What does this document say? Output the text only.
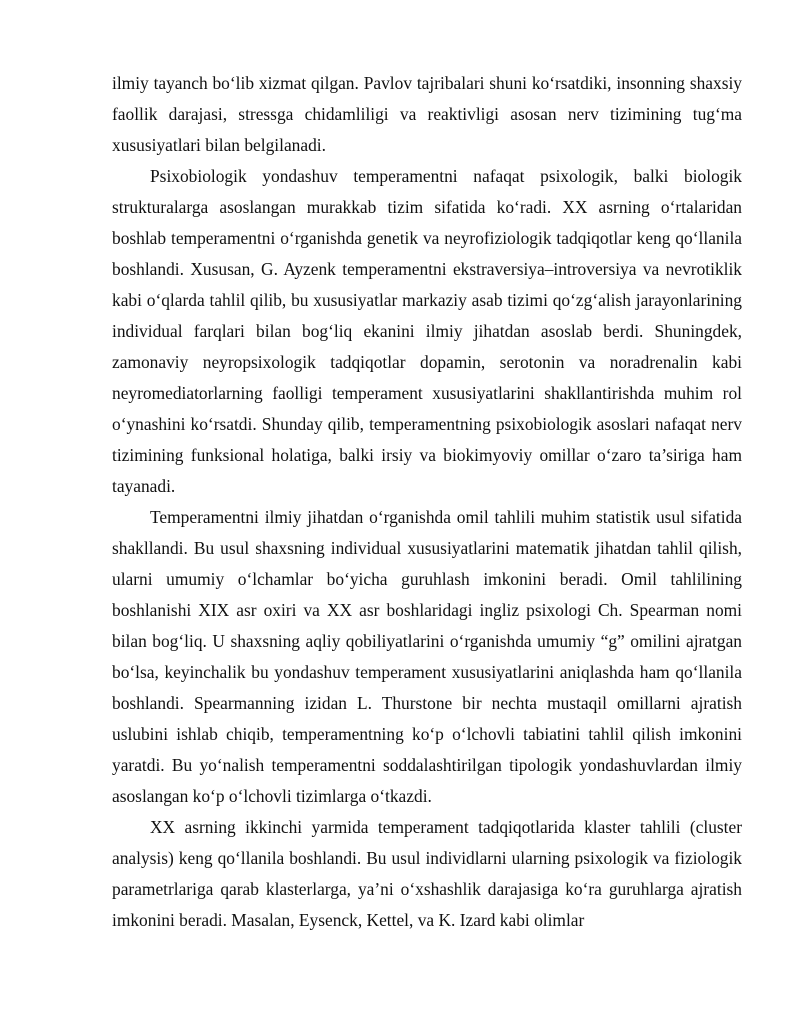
ilmiy tayanch bo‘lib xizmat qilgan. Pavlov tajribalari shuni ko‘rsatdiki, insonning shaxsiy faollik darajasi, stressga chidamliligi va reaktivligi asosan nerv tizimining tug‘ma xususiyatlari bilan belgilanadi.

Psixobiologik yondashuv temperamentni nafaqat psixologik, balki biologik strukturalarga asoslangan murakkab tizim sifatida ko‘radi. XX asrning o‘rtalaridan boshlab temperamentni o‘rganishda genetik va neyrofiziologik tadqiqotlar keng qo‘llanila boshlandi. Xususan, G. Ayzenk temperamentni ekstraversiya–introversiya va nevrotiklik kabi o‘qlarda tahlil qilib, bu xususiyatlar markaziy asab tizimi qo‘zg‘alish jarayonlarining individual farqlari bilan bog‘liq ekanini ilmiy jihatdan asoslab berdi. Shuningdek, zamonaviy neyropsixologik tadqiqotlar dopamin, serotonin va noradrenalin kabi neyromediatorlarning faolligi temperament xususiyatlarini shakllantirishda muhim rol o‘ynashini ko‘rsatdi. Shunday qilib, temperamentning psixobiologik asoslari nafaqat nerv tizimining funksional holatiga, balki irsiy va biokimyoviy omillar o‘zaro ta’siriga ham tayanadi.

Temperamentni ilmiy jihatdan o‘rganishda omil tahlili muhim statistik usul sifatida shakllandi. Bu usul shaxsning individual xususiyatlarini matematik jihatdan tahlil qilish, ularni umumiy o‘lchamlar bo‘yicha guruhlash imkonini beradi. Omil tahlilining boshlanishi XIX asr oxiri va XX asr boshlaridagi ingliz psixologi Ch. Spearman nomi bilan bog‘liq. U shaxsning aqliy qobiliyatlarini o‘rganishda umumiy “g” omilini ajratgan bo‘lsa, keyinchalik bu yondashuv temperament xususiyatlarini aniqlashda ham qo‘llanila boshlandi. Spearmanning izidan L. Thurstone bir nechta mustaqil omillarni ajratish uslubini ishlab chiqib, temperamentning ko‘p o‘lchovli tabiatini tahlil qilish imkonini yaratdi. Bu yo‘nalish temperamentni soddalashtirilgan tipologik yondashuvlardan ilmiy asoslangan ko‘p o‘lchovli tizimlarga o‘tkazdi.

XX asrning ikkinchi yarmida temperament tadqiqotlarida klaster tahlili (cluster analysis) keng qo‘llanila boshlandi. Bu usul individlarni ularning psixologik va fiziologik parametrlariga qarab klasterlarga, ya’ni o‘xshashlik darajasiga ko‘ra guruhlarga ajratish imkonini beradi. Masalan, Eysenck, Kettel, va K. Izard kabi olimlar
